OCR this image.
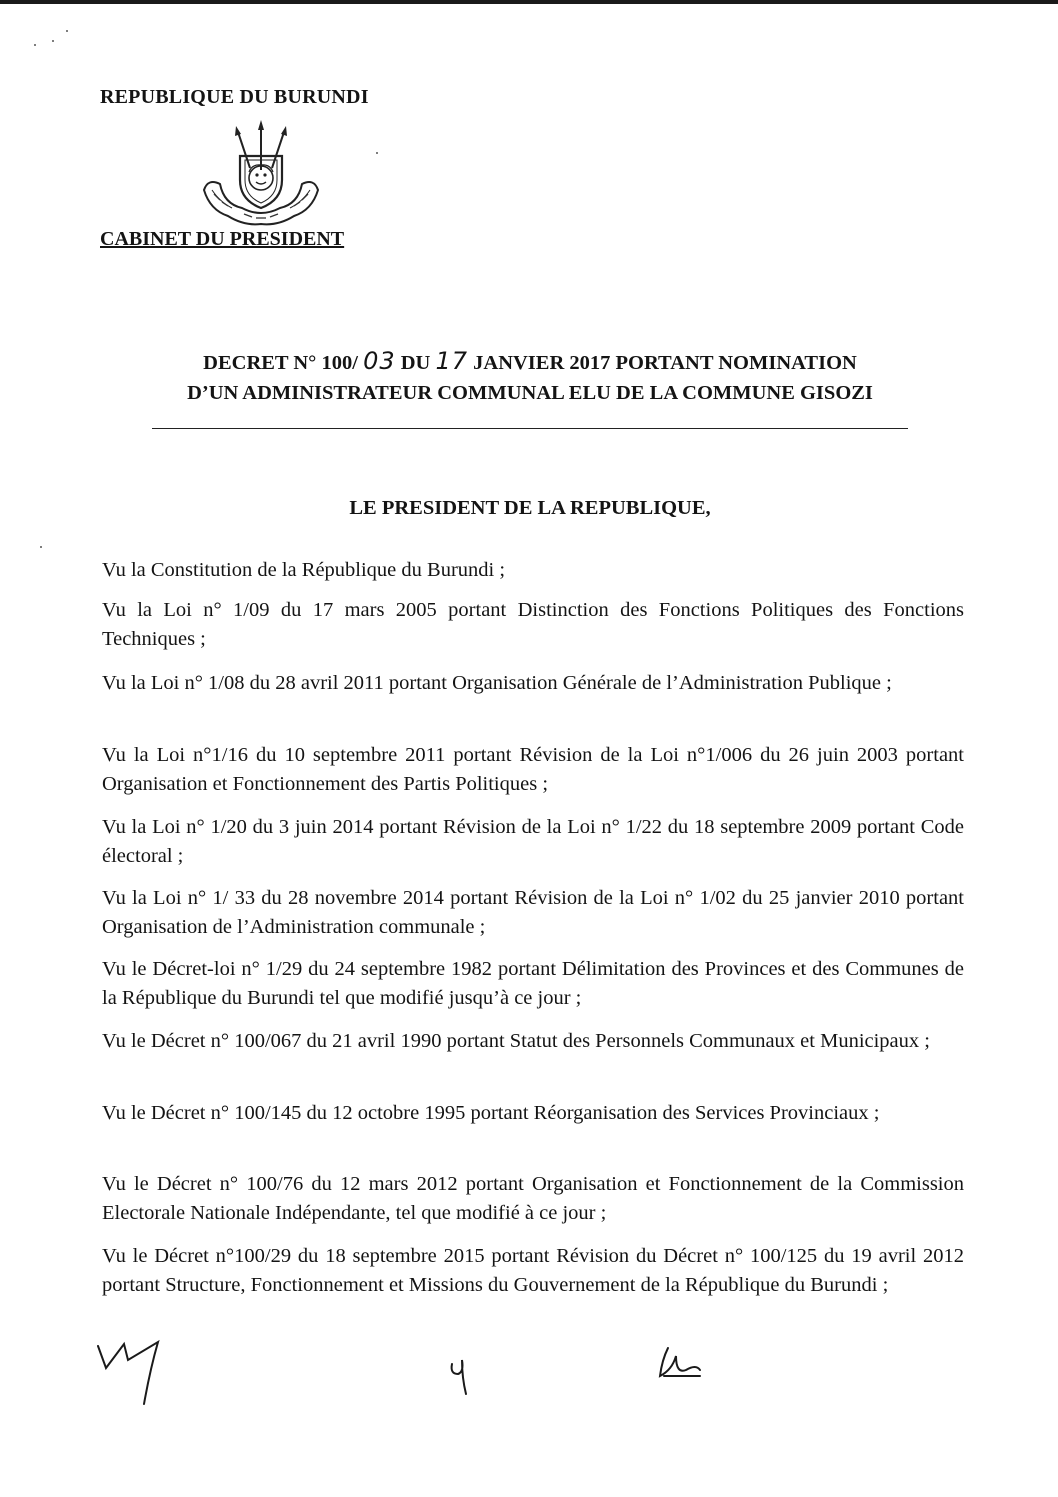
REPUBLIQUE DU BURUNDI

CABINET DU PRESIDENT

DECRET N° 100/ 03 DU 17 JANVIER 2017 PORTANT NOMINATION
D’UN ADMINISTRATEUR COMMUNAL ELU DE LA COMMUNE GISOZI

LE PRESIDENT DE LA REPUBLIQUE,

Vu la Constitution de la République du Burundi ;

Vu la Loi n° 1/09 du 17 mars 2005 portant Distinction des Fonctions Politiques des Fonctions Techniques ;

Vu la Loi n° 1/08 du 28 avril 2011 portant Organisation Générale de l’Administration Publique ;

Vu la Loi n°1/16 du 10 septembre 2011 portant Révision de la Loi n°1/006 du 26 juin 2003 portant Organisation et Fonctionnement des Partis Politiques ;

Vu la Loi n° 1/20 du 3 juin 2014 portant Révision de la Loi n° 1/22 du 18 septembre 2009 portant Code électoral ;

Vu la Loi n° 1/ 33 du 28 novembre 2014 portant Révision de la Loi n° 1/02 du 25 janvier 2010 portant Organisation de l’Administration communale ;

Vu le Décret-loi n° 1/29 du 24 septembre 1982 portant Délimitation des Provinces et des Communes de la République du Burundi tel que modifié jusqu’à ce jour ;

Vu le Décret n° 100/067 du 21 avril 1990 portant Statut des Personnels Communaux et Municipaux ;

Vu le Décret n° 100/145 du 12 octobre 1995 portant Réorganisation des Services Provinciaux ;

Vu le Décret n° 100/76 du 12 mars 2012 portant Organisation et Fonctionnement de la Commission Electorale Nationale Indépendante, tel que modifié à ce jour ;

Vu le Décret n°100/29 du 18 septembre 2015 portant Révision du Décret n° 100/125 du 19 avril 2012 portant Structure, Fonctionnement et Missions du Gouvernement de la République du Burundi ;
